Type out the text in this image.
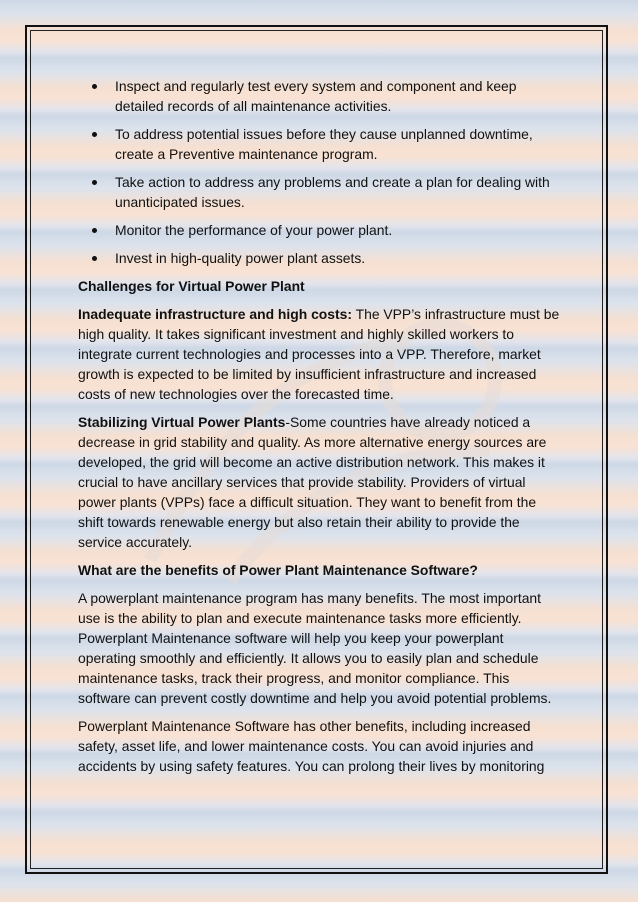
Inspect and regularly test every system and component and keep detailed records of all maintenance activities.
To address potential issues before they cause unplanned downtime, create a Preventive maintenance program.
Take action to address any problems and create a plan for dealing with unanticipated issues.
Monitor the performance of your power plant.
Invest in high-quality power plant assets.

Challenges for Virtual Power Plant

Inadequate infrastructure and high costs: The VPP’s infrastructure must be high quality. It takes significant investment and highly skilled workers to integrate current technologies and processes into a VPP. Therefore, market growth is expected to be limited by insufficient infrastructure and increased costs of new technologies over the forecasted time.

Stabilizing Virtual Power Plants-Some countries have already noticed a decrease in grid stability and quality. As more alternative energy sources are developed, the grid will become an active distribution network. This makes it crucial to have ancillary services that provide stability. Providers of virtual power plants (VPPs) face a difficult situation. They want to benefit from the shift towards renewable energy but also retain their ability to provide the service accurately.

What are the benefits of Power Plant Maintenance Software?

A powerplant maintenance program has many benefits. The most important use is the ability to plan and execute maintenance tasks more efficiently. Powerplant Maintenance software will help you keep your powerplant operating smoothly and efficiently. It allows you to easily plan and schedule maintenance tasks, track their progress, and monitor compliance. This software can prevent costly downtime and help you avoid potential problems.

Powerplant Maintenance Software has other benefits, including increased safety, asset life, and lower maintenance costs. You can avoid injuries and accidents by using safety features. You can prolong their lives by monitoring
